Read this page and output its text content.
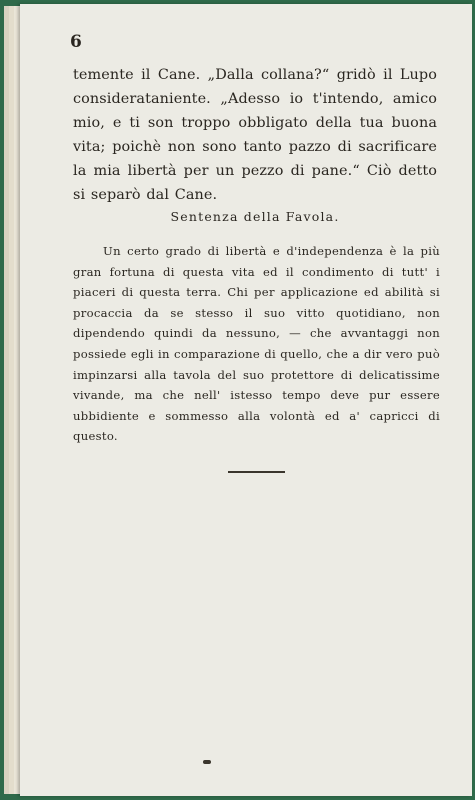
6

temente il Cane. „Dalla collana?“ gridò il Lupo considerataniente. „Adesso io t'intendo, amico mio, e ti son troppo obbligato della tua buona vita; poichè non sono tanto pazzo di sacrificare la mia libertà per un pezzo di pane.“ Ciò detto si separò dal Cane.

Sentenza della Favola.

Un certo grado di libertà e d'independenza è la più gran fortuna di questa vita ed il condimento di tutt' i piaceri di questa terra. Chi per applicazione ed abilità si procaccia da se stesso il suo vitto quotidiano, non dipendendo quindi da nessuno, — che avvantaggi non possiede egli in comparazione di quello, che a dir vero può impinzarsi alla tavola del suo protettore di delicatissime vivande, ma che nell' istesso tempo deve pur essere ubbidiente e sommesso alla volontà ed a' capricci di questo.
